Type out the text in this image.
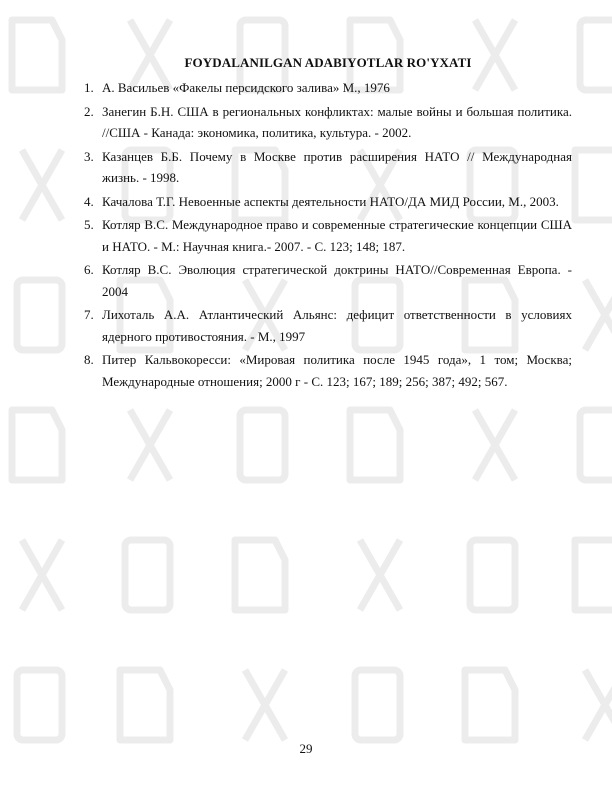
FOYDALANILGAN ADABIYOTLAR RO'YXATI
1. А. Васильев «Факелы персидского залива» М., 1976
2. Занегин Б.Н. США в региональных конфликтах: малые войны и большая политика. //США - Канада: экономика, политика, культура. - 2002.
3. Казанцев Б.Б. Почему в Москве против расширения НАТО // Международная жизнь. - 1998.
4. Качалова Т.Г. Невоенные аспекты деятельности НАТО/ДА МИД России, М., 2003.
5. Котляр В.С. Международное право и современные стратегические концепции США и НАТО. - М.: Научная книга.- 2007. - С. 123; 148; 187.
6. Котляр В.С. Эволюция стратегической доктрины НАТО//Современная Европа. - 2004
7. Лихоталь А.А. Атлантический Альянс: дефицит ответственности в условиях ядерного противостояния. - М., 1997
8. Питер Кальвокоресси: «Мировая политика после 1945 года», 1 том; Москва; Международные отношения; 2000 г - С. 123; 167; 189; 256; 387; 492; 567.
29
